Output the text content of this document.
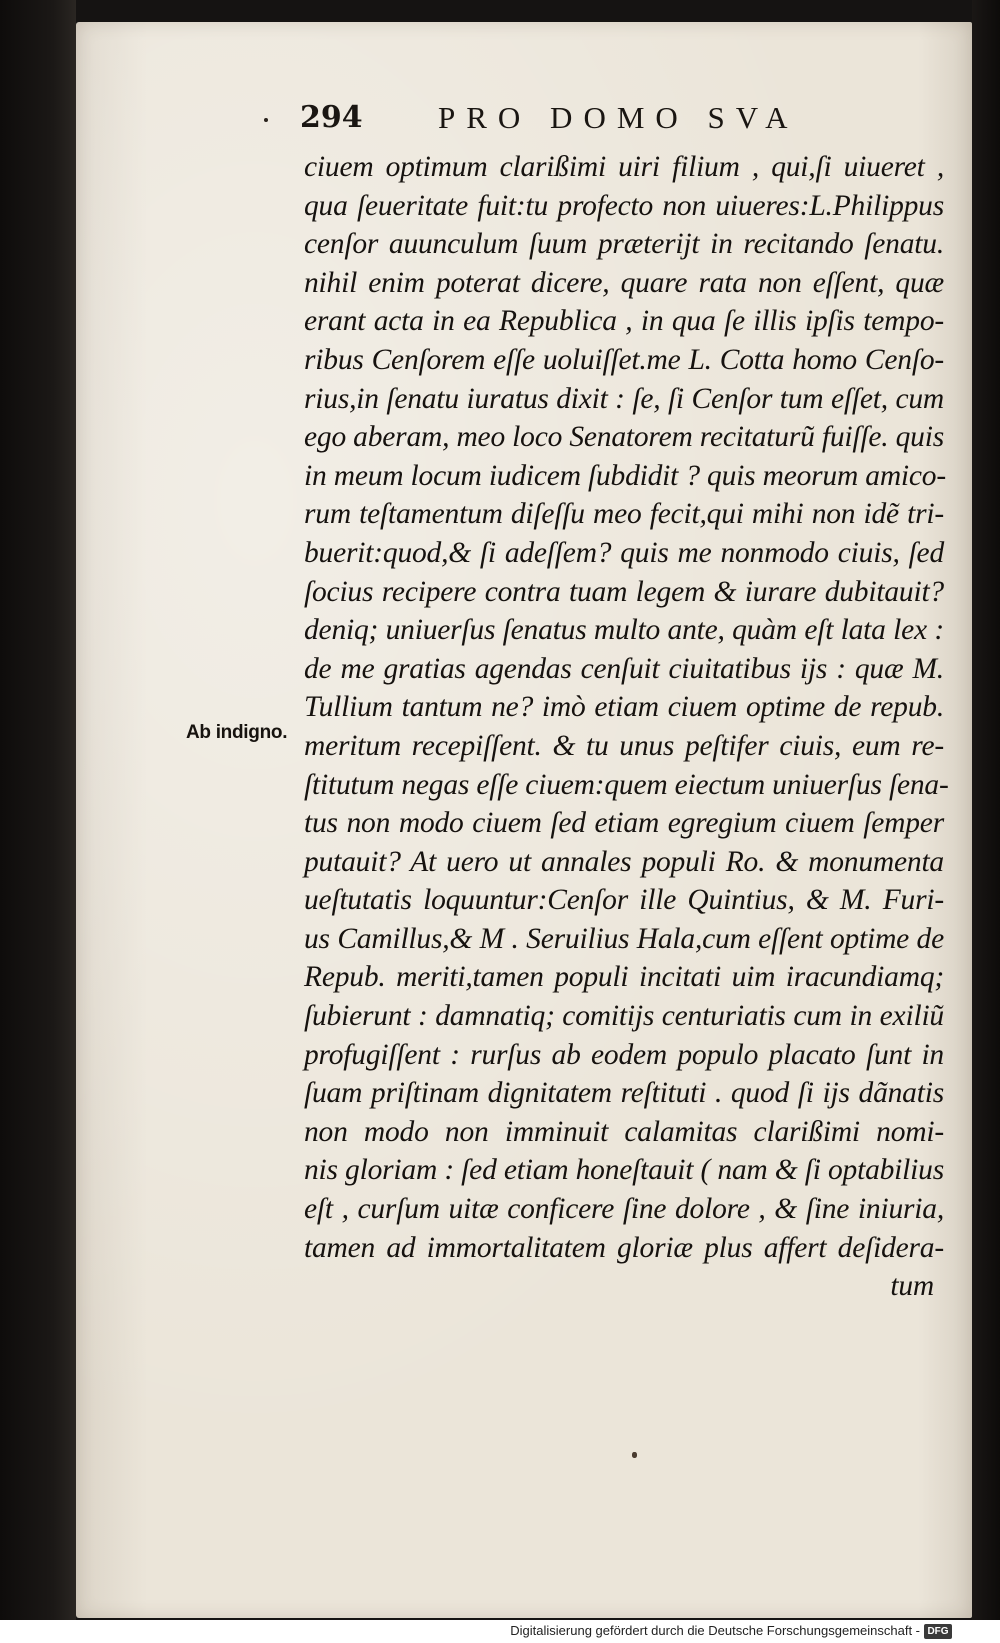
294 PRO DOMO SVA
Ab indigno.
ciuem optimum clarißimi uiri filium , qui,ſi uiueret ,
qua ſeueritate fuit:tu profecto non uiueres:L.Philippus
cenſor auunculum ſuum præterijt in recitando ſenatu.
nihil enim poterat dicere, quare rata non eſſent, quæ
erant acta in ea Republica , in qua ſe illis ipſis tempo-
ribus Cenſorem eſſe uoluiſſet.me L. Cotta homo Cenſo-
rius,in ſenatu iuratus dixit : ſe, ſi Cenſor tum eſſet, cum
ego aberam, meo loco Senatorem recitaturũ fuiſſe. quis
in meum locum iudicem ſubdidit ? quis meorum amico-
rum teſtamentum diſeſſu meo fecit,qui mihi non idẽ tri-
buerit:quod,& ſi adeſſem? quis me nonmodo ciuis, ſed
ſocius recipere contra tuam legem & iurare dubitauit?
deniq; uniuerſus ſenatus multo ante, quàm eſt lata lex :
de me gratias agendas cenſuit ciuitatibus ijs : quæ M.
Tullium tantum ne? imò etiam ciuem optime de repub.
meritum recepiſſent. & tu unus peſtifer ciuis, eum re-
ſtitutum negas eſſe ciuem:quem eiectum uniuerſus ſena-
tus non modo ciuem ſed etiam egregium ciuem ſemper
putauit? At uero ut annales populi Ro. & monumenta
ueſtutatis loquuntur:Cenſor ille Quintius, & M. Furi-
us Camillus,& M . Seruilius Hala,cum eſſent optime de
Repub. meriti,tamen populi incitati uim iracundiamq;
ſubierunt : damnatiq; comitijs centuriatis cum in exiliũ
profugiſſent : rurſus ab eodem populo placato ſunt in
ſuam priſtinam dignitatem reſtituti . quod ſi ijs dãnatis
non modo non imminuit calamitas clarißimi nomi-
nis gloriam : ſed etiam honeſtauit ( nam & ſi optabilius
eſt , curſum uitæ conficere ſine dolore , & ſine iniuria,
tamen ad immortalitatem gloriæ plus affert deſidera-
tum
Digitalisierung gefördert durch die Deutsche Forschungsgemeinschaft - DFG
